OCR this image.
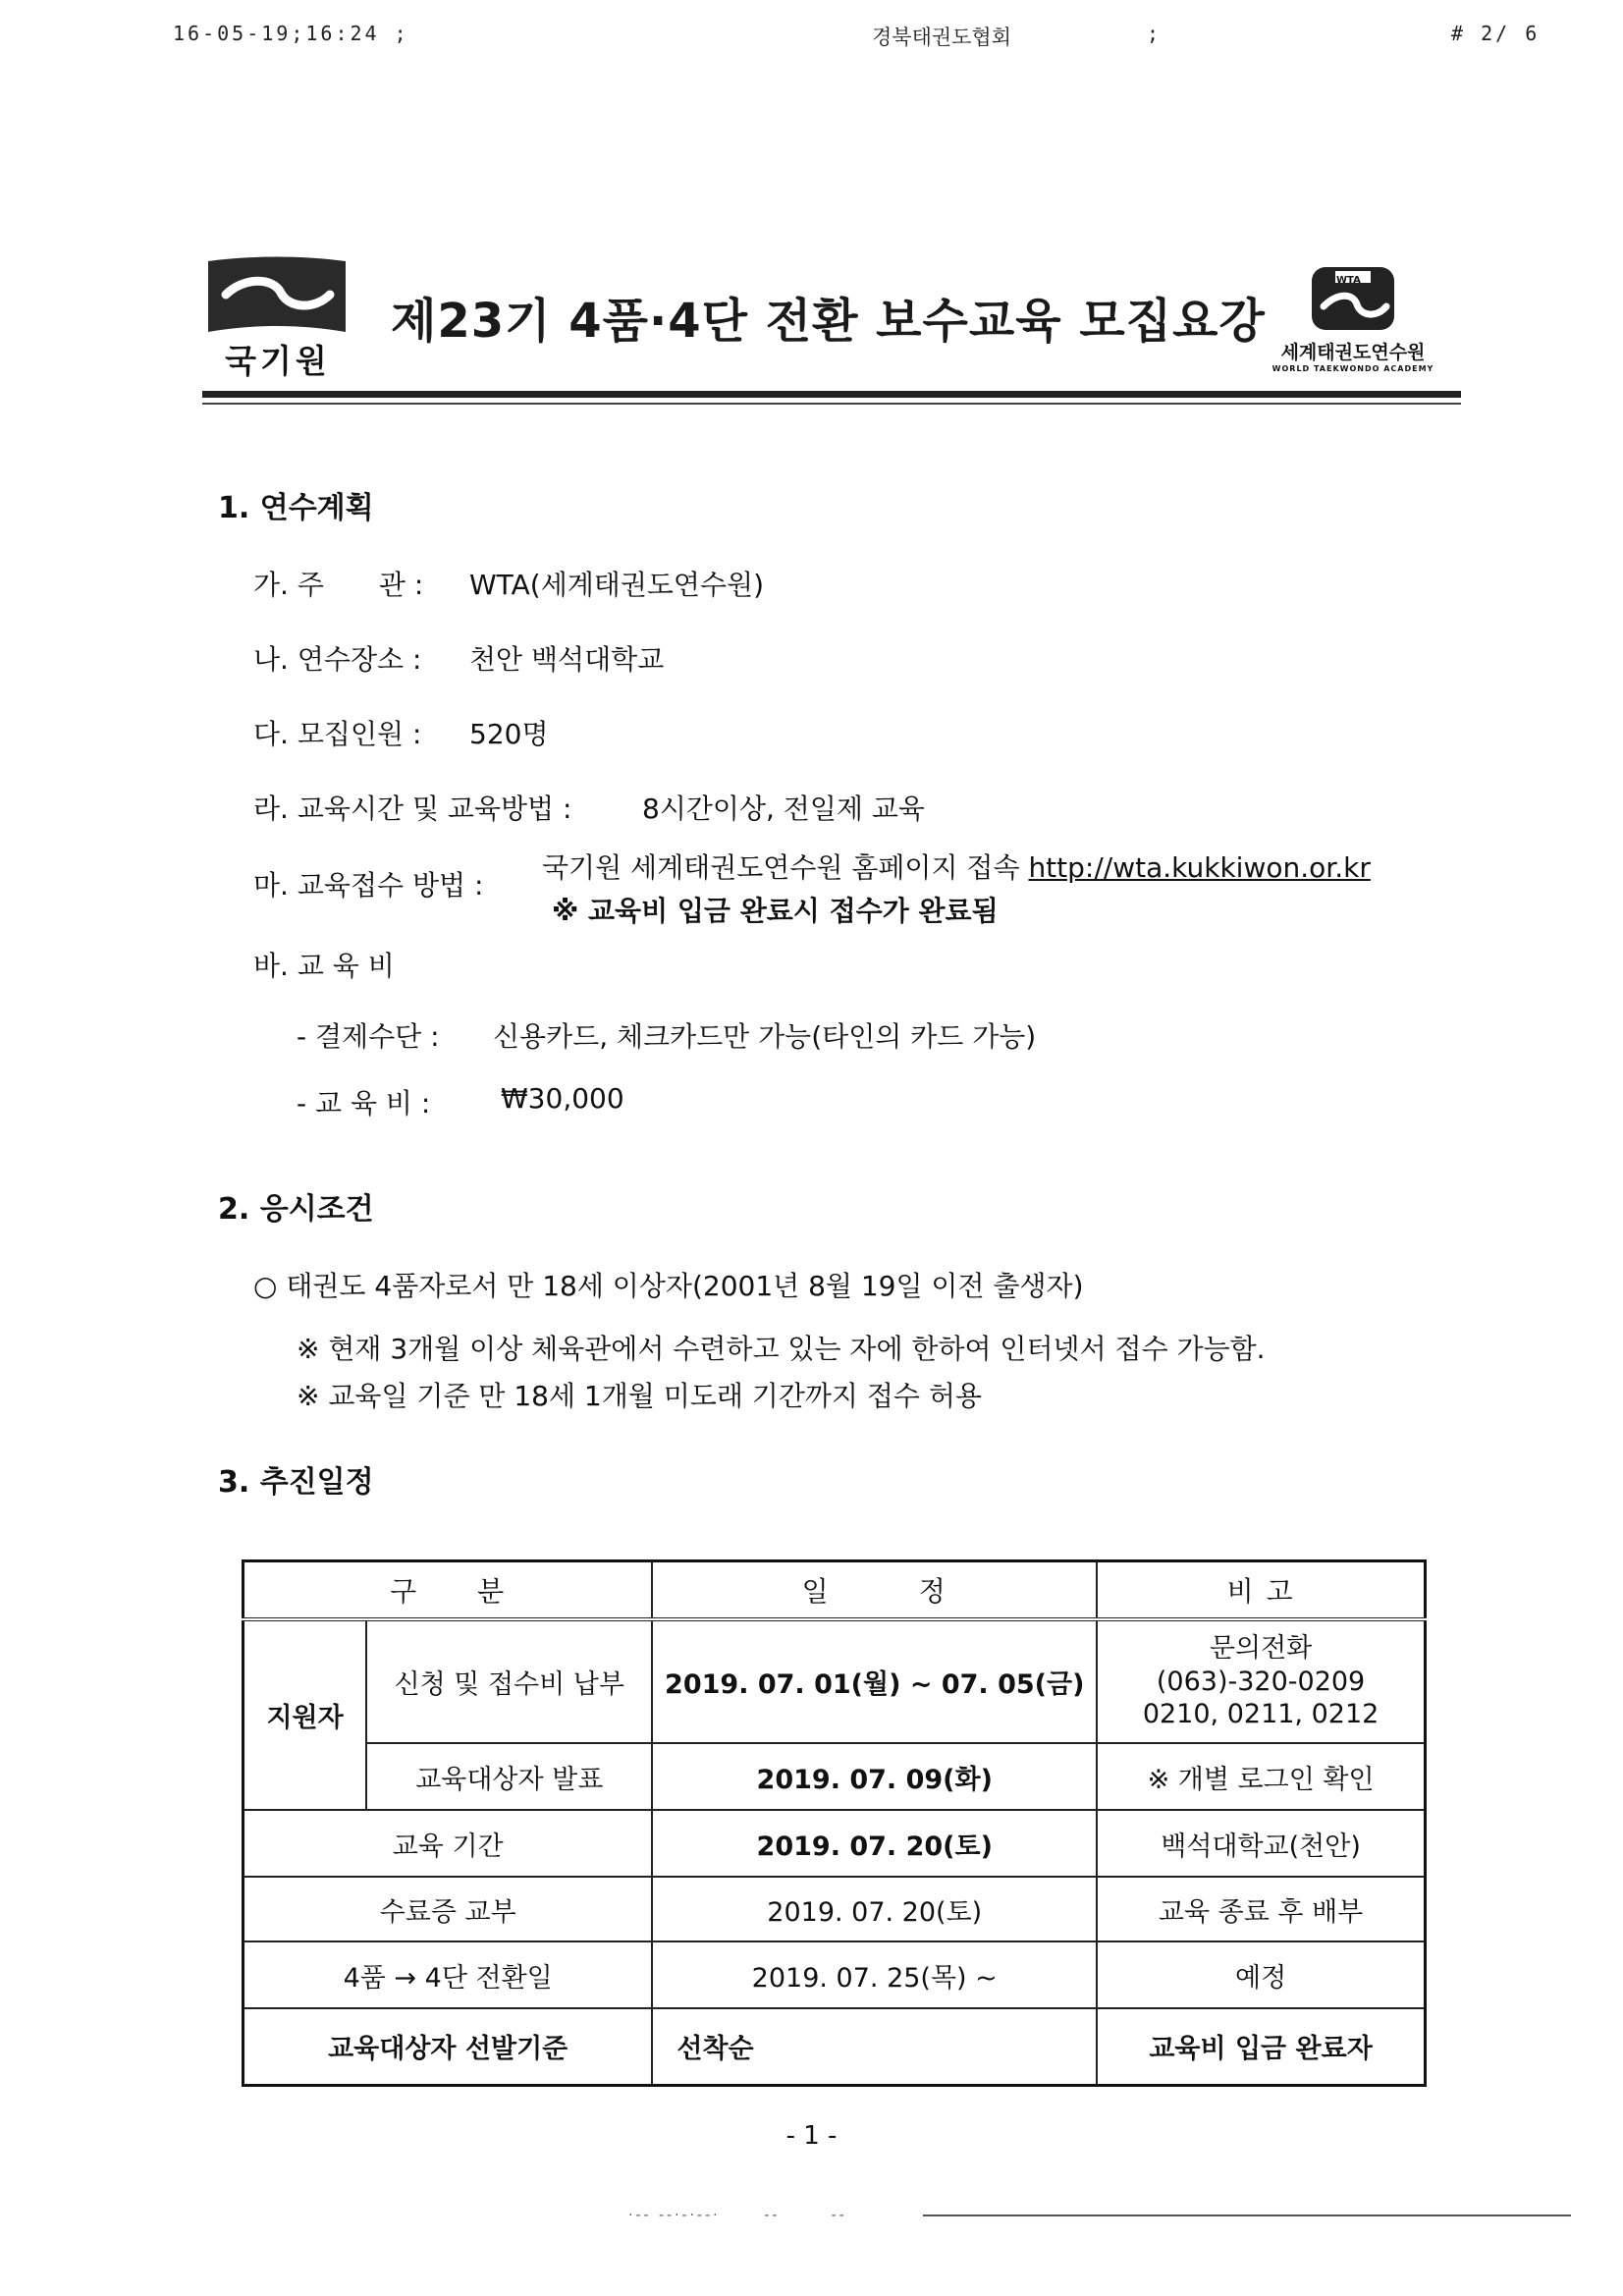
16-05-19;16:24 ;	경북태권도협회	;	# 2/ 6
국기원
제23기 4품·4단 전환 보수교육 모집요강
WTA
세계태권도연수원
WORLD TAEKWONDO ACADEMY
1. 연수계획
가. 주　　관 : WTA(세계태권도연수원)
나. 연수장소 : 천안 백석대학교
다. 모집인원 : 520명
라. 교육시간 및 교육방법 :	8시간이상, 전일제 교육
마. 교육접수 방법 :
국기원 세계태권도연수원 홈페이지 접속 http://wta.kukkiwon.or.kr
※ 교육비 입금 완료시 접수가 완료됨
바. 교 육 비
- 결제수단 : 신용카드, 체크카드만 가능(타인의 카드 가능)
- 교 육 비 :	₩30,000
2. 응시조건
○ 태권도 4품자로서 만 18세 이상자(2001년 8월 19일 이전 출생자)
※ 현재 3개월 이상 체육관에서 수련하고 있는 자에 한하여 인터넷서 접수 가능함.
※ 교육일 기준 만 18세 1개월 미도래 기간까지 접수 허용
3. 추진일정
구　　분		일　　　정	비 고
지원자	신청 및 접수비 납부	2019. 07. 01(월) ~ 07. 05(금)	문의전화
(063)-320-0209
0210, 0211, 0212

	교육대상자 발표	2019. 07. 09(화)	※ 개별 로그인 확인
교육 기간		2019. 07. 20(토)	백석대학교(천안)
수료증 교부		2019. 07. 20(토)	교육 종료 후 배부
4품 → 4단 전환일		2019. 07. 25(목) ~	예정
교육대상자 선발기준		선착순	교육비 입금 완료자
- 1 -
·-- --·-·--·      --       --
